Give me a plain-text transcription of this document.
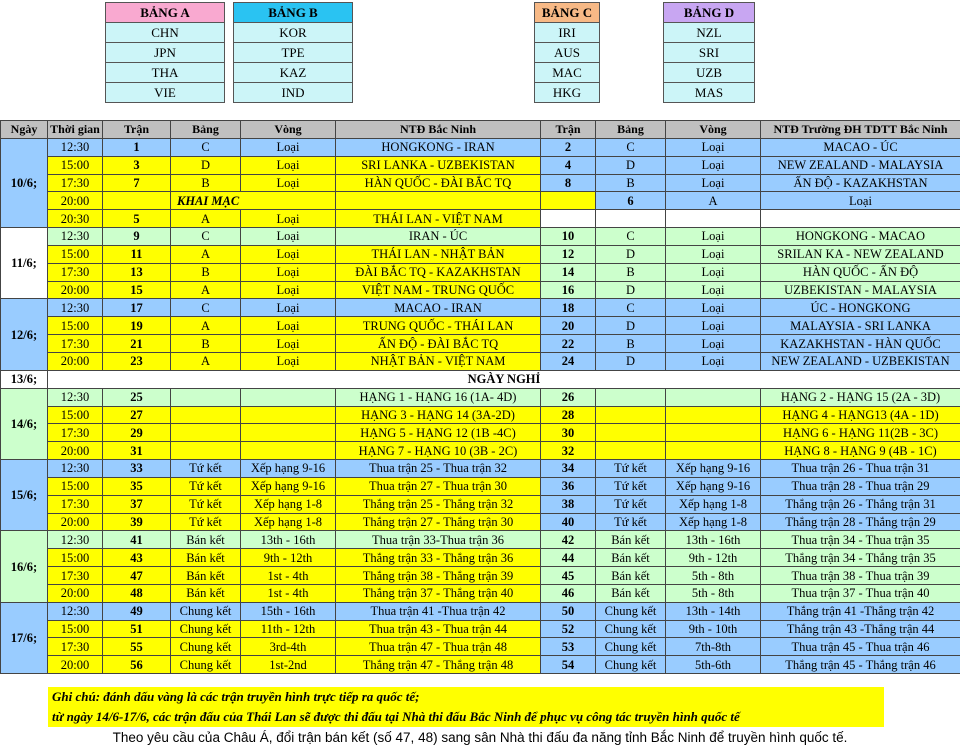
BẢNG A
CHN
JPN
THA
VIE
BẢNG B
KOR
TPE
KAZ
IND
BẢNG C
IRI
AUS
MAC
HKG
BẢNG D
NZL
SRI
UZB
MAS
Ngày	Thời gian	Trận	Bảng	Vòng	NTĐ Bắc Ninh	Trận	Bảng	Vòng	NTĐ Trường ĐH TDTT Bắc Ninh	
10/6;	12:30	1	C	Loại	HONGKONG - IRAN	2	C	Loại	MACAO - ÚC	
	15:00	3	D	Loại	SRI LANKA - UZBEKISTAN	4	D	Loại	NEW ZEALAND - MALAYSIA	
	17:30	7	B	Loại	HÀN QUỐC - ĐÀI BẮC TQ	8	B	Loại	ẤN ĐỘ - KAZAKHSTAN	
	20:00		KHAI MẠC				6	A	Loại	
	20:30	5	A	Loại	THÁI LAN - VIỆT NAM					
11/6;	12:30	9	C	Loại	IRAN - ÚC	10	C	Loại	HONGKONG - MACAO	
	15:00	11	A	Loại	THÁI LAN - NHẬT BẢN	12	D	Loại	SRILAN KA - NEW ZEALAND	
	17:30	13	B	Loại	ĐÀI BẮC TQ - KAZAKHSTAN	14	B	Loại	HÀN QUỐC - ẤN ĐỘ	
	20:00	15	A	Loại	VIỆT NAM - TRUNG QUỐC	16	D	Loại	UZBEKISTAN - MALAYSIA	
12/6;	12:30	17	C	Loại	MACAO - IRAN	18	C	Loại	ÚC - HONGKONG	
	15:00	19	A	Loại	TRUNG QUỐC - THÁI LAN	20	D	Loại	MALAYSIA - SRI LANKA	
	17:30	21	B	Loại	ẤN ĐỘ - ĐÀI BẮC TQ	22	B	Loại	KAZAKHSTAN - HÀN QUỐC	
	20:00	23	A	Loại	NHẬT BẢN - VIỆT NAM	24	D	Loại	NEW ZEALAND - UZBEKISTAN	
13/6;	NGÀY NGHỈ									
14/6;	12:30	25			HẠNG 1 - HẠNG 16 (1A- 4D)	26			HẠNG 2 - HẠNG 15 (2A - 3D)	
	15:00	27			HẠNG 3 - HẠNG 14 (3A-2D)	28			HẠNG 4 - HẠNG13 (4A - 1D)	
	17:30	29			HẠNG 5 - HẠNG 12 (1B -4C)	30			HẠNG 6 - HẠNG 11(2B - 3C)	
	20:00	31			HẠNG 7 - HẠNG 10 (3B - 2C)	32			HẠNG 8 - HẠNG 9 (4B - 1C)	
15/6;	12:30	33	Tứ kết	Xếp hạng 9-16	Thua trận 25 - Thua trận 32	34	Tứ kết	Xếp hạng 9-16	Thua trận 26 - Thua trận 31	
	15:00	35	Tứ kết	Xếp hạng 9-16	Thua trận 27 - Thua trận 30	36	Tứ kết	Xếp hạng 9-16	Thua trận 28 - Thua trận 29	
	17:30	37	Tứ kết	Xếp hạng 1-8	Thắng trận 25 - Thắng trận 32	38	Tứ kết	Xếp hạng 1-8	Thắng trận 26 - Thắng trận 31	
	20:00	39	Tứ kết	Xếp hạng 1-8	Thắng trận 27 - Thắng trận 30	40	Tứ kết	Xếp hạng 1-8	Thắng trận 28 - Thắng trận 29	
16/6;	12:30	41	Bán kết	13th - 16th	Thua trận 33-Thua trận 36	42	Bán kết	13th - 16th	Thua trận 34 - Thua trận 35	
	15:00	43	Bán kết	9th - 12th	Thắng trận 33 - Thắng trận 36	44	Bán kết	9th - 12th	Thắng trận 34 - Thắng trận 35	
	17:30	47	Bán kết	1st - 4th	Thắng trận 38 - Thắng trận 39	45	Bán kết	5th - 8th	Thua trận 38 - Thua trận 39	
	20:00	48	Bán kết	1st - 4th	Thắng trận 37 - Thắng trận 40	46	Bán kết	5th - 8th	Thua trận 37 - Thua trận 40	
17/6;	12:30	49	Chung kết	15th - 16th	Thua trận 41 -Thua trận 42	50	Chung kết	13th - 14th	Thắng trận 41 -Thắng trận 42	
	15:00	51	Chung kết	11th - 12th	Thua trận 43 - Thua trận 44	52	Chung kết	9th - 10th	Thắng trận 43 -Thắng trận 44	
	17:30	55	Chung kết	3rd-4th	Thua trận 47 - Thua trận 48	53	Chung kết	7th-8th	Thua trận 45 - Thua trận 46	
	20:00	56	Chung kết	1st-2nd	Thắng trận 47 - Thắng trận 48	54	Chung kết	5th-6th	Thắng trận 45 - Thắng trận 46	
Ghi chú: đánh dấu vàng là các trận truyền hình trực tiếp ra quốc tế;
từ ngày 14/6-17/6, các trận đấu của Thái Lan sẽ được thi đấu tại Nhà thi đấu Bắc Ninh để phục vụ công tác truyền hình quốc tế
Theo yêu cầu của Châu Á, đổi trận bán kết (số 47, 48) sang sân Nhà thi đấu đa năng tỉnh Bắc Ninh để truyền hình quốc tế.
